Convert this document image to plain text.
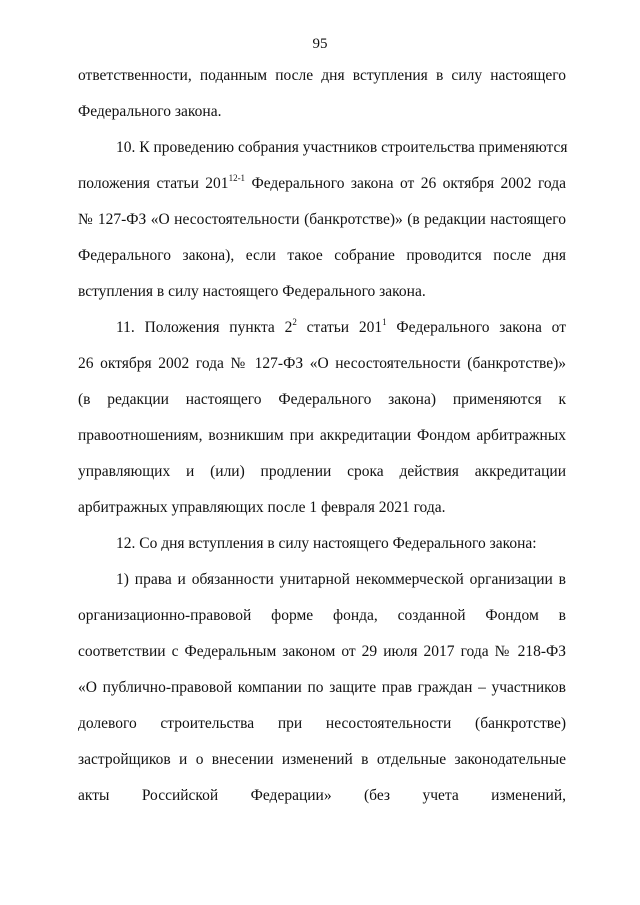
95
ответственности, поданным после дня вступления в силу настоящего
Федерального закона.
10. К проведению собрания участников строительства применяются
положения статьи 201$^{12-1}$ Федерального закона от 26 октября 2002 года
№ 127-ФЗ «О несостоятельности (банкротстве)» (в редакции настоящего
Федерального закона), если такое собрание проводится после дня
вступления в силу настоящего Федерального закона.
11. Положения пункта $2^2$ статьи $201^1$ Федерального закона от
26 октября 2002 года № 127-ФЗ «О несостоятельности (банкротстве)»
(в редакции настоящего Федерального закона) применяются к
правоотношениям, возникшим при аккредитации Фондом арбитражных
управляющих и (или) продлении срока действия аккредитации
арбитражных управляющих после 1 февраля 2021 года.
12. Со дня вступления в силу настоящего Федерального закона:
1) права и обязанности унитарной некоммерческой организации в
организационно-правовой форме фонда, созданной Фондом в
соответствии с Федеральным законом от 29 июля 2017 года № 218-ФЗ
«О публично-правовой компании по защите прав граждан – участников
долевого строительства при несостоятельности (банкротстве)
застройщиков и о внесении изменений в отдельные законодательные
акты Российской Федерации» (без учета изменений,
